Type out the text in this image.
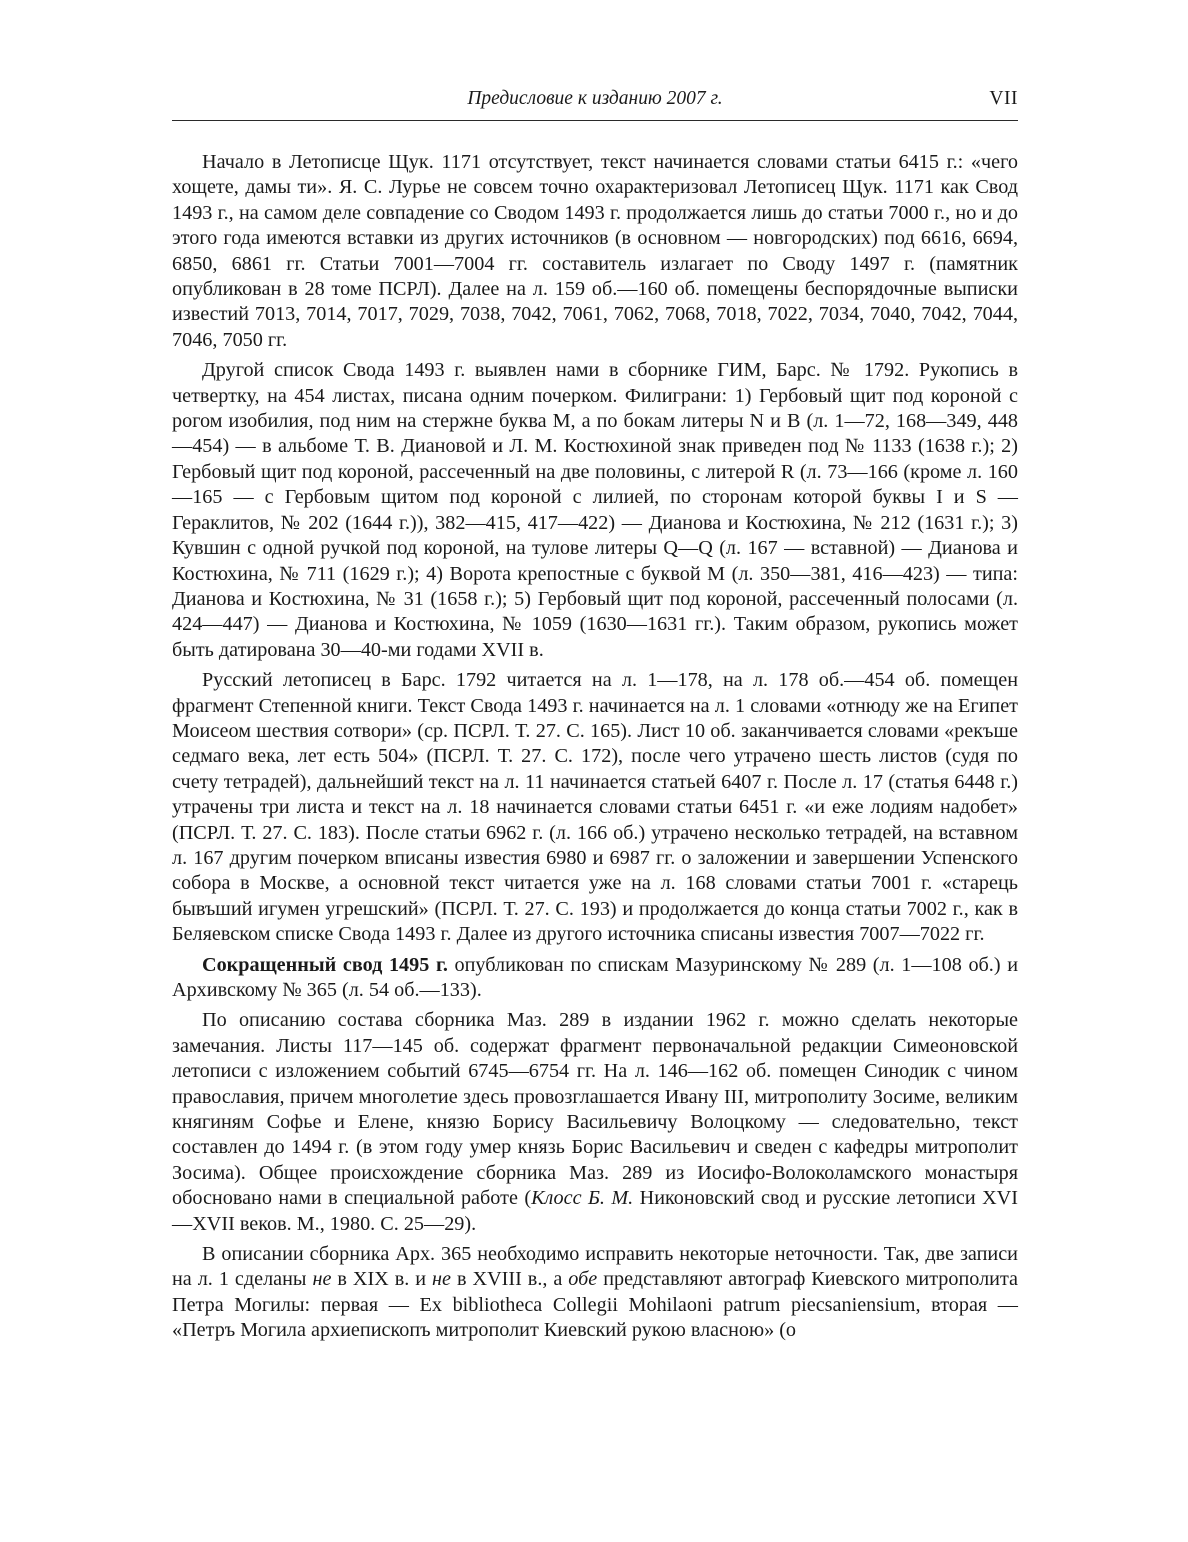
Предисловие к изданию 2007 г.	VII

Начало в Летописце Щук. 1171 отсутствует, текст начинается словами статьи 6415 г.: «чего хощете, дамы ти». Я. С. Лурье не совсем точно охарактеризовал Летописец Щук. 1171 как Свод 1493 г., на самом деле совпадение со Сводом 1493 г. продолжается лишь до статьи 7000 г., но и до этого года имеются вставки из других источников (в основном — новгородских) под 6616, 6694, 6850, 6861 гг. Статьи 7001—7004 гг. составитель излагает по Своду 1497 г. (памятник опубликован в 28 томе ПСРЛ). Далее на л. 159 об.—160 об. помещены беспорядочные выписки известий 7013, 7014, 7017, 7029, 7038, 7042, 7061, 7062, 7068, 7018, 7022, 7034, 7040, 7042, 7044, 7046, 7050 гг.

Другой список Свода 1493 г. выявлен нами в сборнике ГИМ, Барс. № 1792. Рукопись в четвертку, на 454 листах, писана одним почерком. Филиграни: 1) Гербовый щит под короной с рогом изобилия, под ним на стержне буква М, а по бокам литеры N и B (л. 1—72, 168—349, 448—454) — в альбоме Т. В. Диановой и Л. М. Костюхиной знак приведен под № 1133 (1638 г.); 2) Гербовый щит под короной, рассеченный на две половины, с литерой R (л. 73—166 (кроме л. 160—165 — с Гербовым щитом под короной с лилией, по сторонам которой буквы I и S — Гераклитов, № 202 (1644 г.)), 382—415, 417—422) — Дианова и Костюхина, № 212 (1631 г.); 3) Кувшин с одной ручкой под короной, на тулове литеры Q—Q (л. 167 — вставной) — Дианова и Костюхина, № 711 (1629 г.); 4) Ворота крепостные с буквой М (л. 350—381, 416—423) — типа: Дианова и Костюхина, № 31 (1658 г.); 5) Гербовый щит под короной, рассеченный полосами (л. 424—447) — Дианова и Костюхина, № 1059 (1630—1631 гг.). Таким образом, рукопись может быть датирована 30—40-ми годами XVII в.

Русский летописец в Барс. 1792 читается на л. 1—178, на л. 178 об.—454 об. помещен фрагмент Степенной книги. Текст Свода 1493 г. начинается на л. 1 словами «отнюду же на Египет Моисеом шествия сотвори» (ср. ПСРЛ. Т. 27. С. 165). Лист 10 об. заканчивается словами «рекъше седмаго века, лет есть 504» (ПСРЛ. Т. 27. С. 172), после чего утрачено шесть листов (судя по счету тетрадей), дальнейший текст на л. 11 начинается статьей 6407 г. После л. 17 (статья 6448 г.) утрачены три листа и текст на л. 18 начинается словами статьи 6451 г. «и еже лодиям надобет» (ПСРЛ. Т. 27. С. 183). После статьи 6962 г. (л. 166 об.) утрачено несколько тетрадей, на вставном л. 167 другим почерком вписаны известия 6980 и 6987 гг. о заложении и завершении Успенского собора в Москве, а основной текст читается уже на л. 168 словами статьи 7001 г. «старець бывъший игумен угрешский» (ПСРЛ. Т. 27. С. 193) и продолжается до конца статьи 7002 г., как в Беляевском списке Свода 1493 г. Далее из другого источника списаны известия 7007—7022 гг.

Сокращенный свод 1495 г. опубликован по спискам Мазуринскому № 289 (л. 1—108 об.) и Архивскому № 365 (л. 54 об.—133).

По описанию состава сборника Маз. 289 в издании 1962 г. можно сделать некоторые замечания. Листы 117—145 об. содержат фрагмент первоначальной редакции Симеоновской летописи с изложением событий 6745—6754 гг. На л. 146—162 об. помещен Синодик с чином православия, причем многолетие здесь провозглашается Ивану III, митрополиту Зосиме, великим княгиням Софье и Елене, князю Борису Васильевичу Волоцкому — следовательно, текст составлен до 1494 г. (в этом году умер князь Борис Васильевич и сведен с кафедры митрополит Зосима). Общее происхождение сборника Маз. 289 из Иосифо-Волоколамского монастыря обосновано нами в специальной работе (Клосс Б. М. Никоновский свод и русские летописи XVI—XVII веков. М., 1980. С. 25—29).

В описании сборника Арх. 365 необходимо исправить некоторые неточности. Так, две записи на л. 1 сделаны не в XIX в. и не в XVIII в., а обе представляют автограф Киевского митрополита Петра Могилы: первая — Ex bibliotheca Collegii Mohilaoni patrum piecsaniensium, вторая — «Петръ Могила архиепископъ митрополит Киевский рукою власною» (о
